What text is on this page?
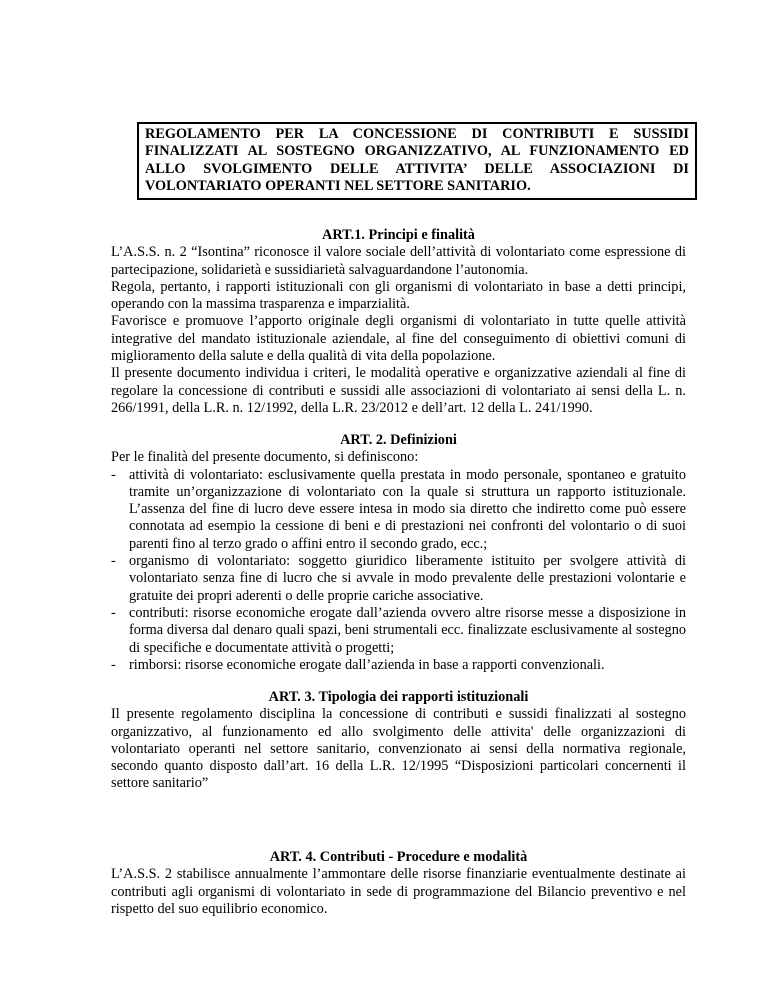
REGOLAMENTO PER LA CONCESSIONE DI CONTRIBUTI E SUSSIDI FINALIZZATI AL SOSTEGNO ORGANIZZATIVO, AL FUNZIONAMENTO ED ALLO SVOLGIMENTO DELLE ATTIVITA’ DELLE ASSOCIAZIONI DI VOLONTARIATO OPERANTI NEL SETTORE SANITARIO.
ART.1. Principi e finalità

L’A.S.S. n. 2 “Isontina” riconosce il valore sociale dell’attività di volontariato come espressione di partecipazione, solidarietà e sussidiarietà salvaguardandone l’autonomia.

Regola, pertanto, i rapporti istituzionali con gli organismi di volontariato in base a detti principi, operando con la massima trasparenza e imparzialità.

Favorisce e promuove l’apporto originale degli organismi di volontariato in tutte quelle attività integrative del mandato istituzionale aziendale, al fine del conseguimento di obiettivi comuni di miglioramento della salute e della qualità di vita della popolazione.

Il presente documento individua i criteri, le modalità operative e organizzative aziendali al fine di regolare la concessione di contributi e sussidi alle associazioni di volontariato ai sensi della L. n. 266/1991, della L.R. n. 12/1992, della L.R. 23/2012 e dell’art. 12 della L. 241/1990.

ART. 2. Definizioni

Per le finalità del presente documento, si definiscono:

- attività di volontariato: esclusivamente quella prestata in modo personale, spontaneo e gratuito tramite un’organizzazione di volontariato con la quale si struttura un rapporto istituzionale. L’assenza del fine di lucro deve essere intesa in modo sia diretto che indiretto come può essere connotata ad esempio la cessione di beni e di prestazioni nei confronti del volontario o di suoi parenti fino al terzo grado o affini entro il secondo grado, ecc.;
- organismo di volontariato: soggetto giuridico liberamente istituito per svolgere attività di volontariato senza fine di lucro che si avvale in modo prevalente delle prestazioni volontarie e gratuite dei propri aderenti o delle proprie cariche associative.
- contributi: risorse economiche erogate dall’azienda ovvero altre risorse messe a disposizione in forma diversa dal denaro quali spazi, beni strumentali ecc. finalizzate esclusivamente al sostegno di specifiche e documentate attività o progetti;
- rimborsi: risorse economiche erogate dall’azienda in base a rapporti convenzionali.
ART. 3. Tipologia dei rapporti istituzionali

Il presente regolamento disciplina la concessione di contributi e sussidi finalizzati al sostegno organizzativo, al funzionamento ed allo svolgimento delle attivita' delle organizzazioni di volontariato operanti nel settore sanitario, convenzionato ai sensi della normativa regionale, secondo quanto disposto dall’art. 16 della L.R. 12/1995 “Disposizioni particolari concernenti il settore sanitario”

ART. 4. Contributi - Procedure e modalità

L’A.S.S. 2 stabilisce annualmente l’ammontare delle risorse finanziarie eventualmente destinate ai contributi agli organismi di volontariato in sede di programmazione del Bilancio preventivo e nel rispetto del suo equilibrio economico.
